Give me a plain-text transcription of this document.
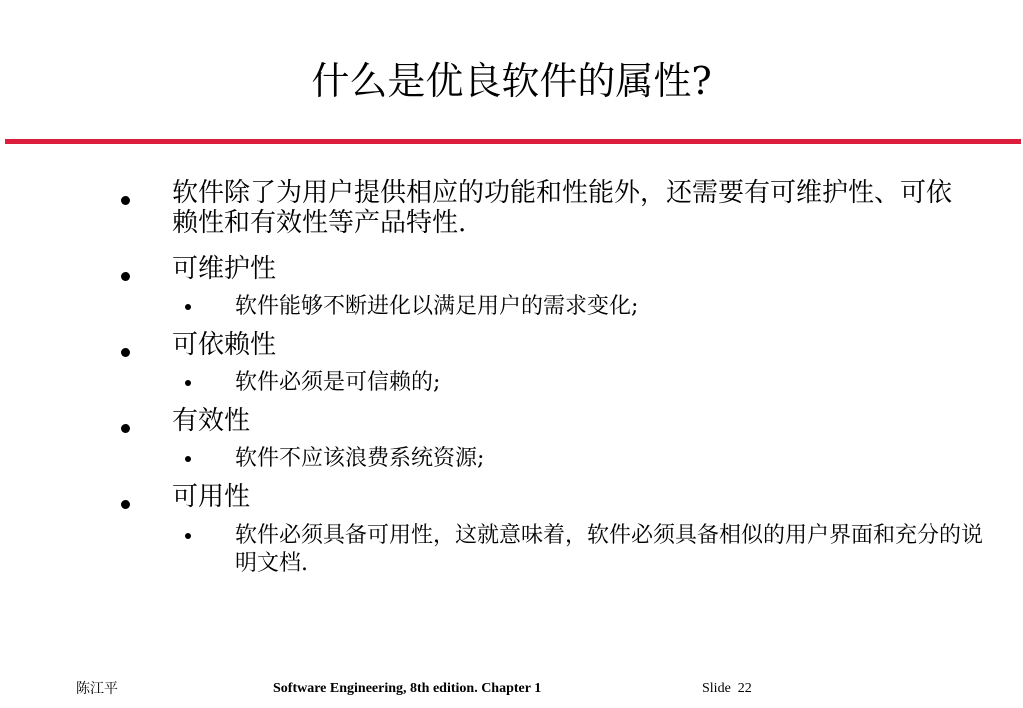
什么是优良软件的属性?
软件除了为用户提供相应的功能和性能外，还需要有可维护性、可依赖性和有效性等产品特性.
可维护性
软件能够不断进化以满足用户的需求变化;
可依赖性
软件必须是可信赖的;
有效性
软件不应该浪费系统资源;
可用性
软件必须具备可用性，这就意味着，软件必须具备相似的用户界面和充分的说明文档.
陈江平	Software Engineering, 8th edition. Chapter 1	Slide 22
